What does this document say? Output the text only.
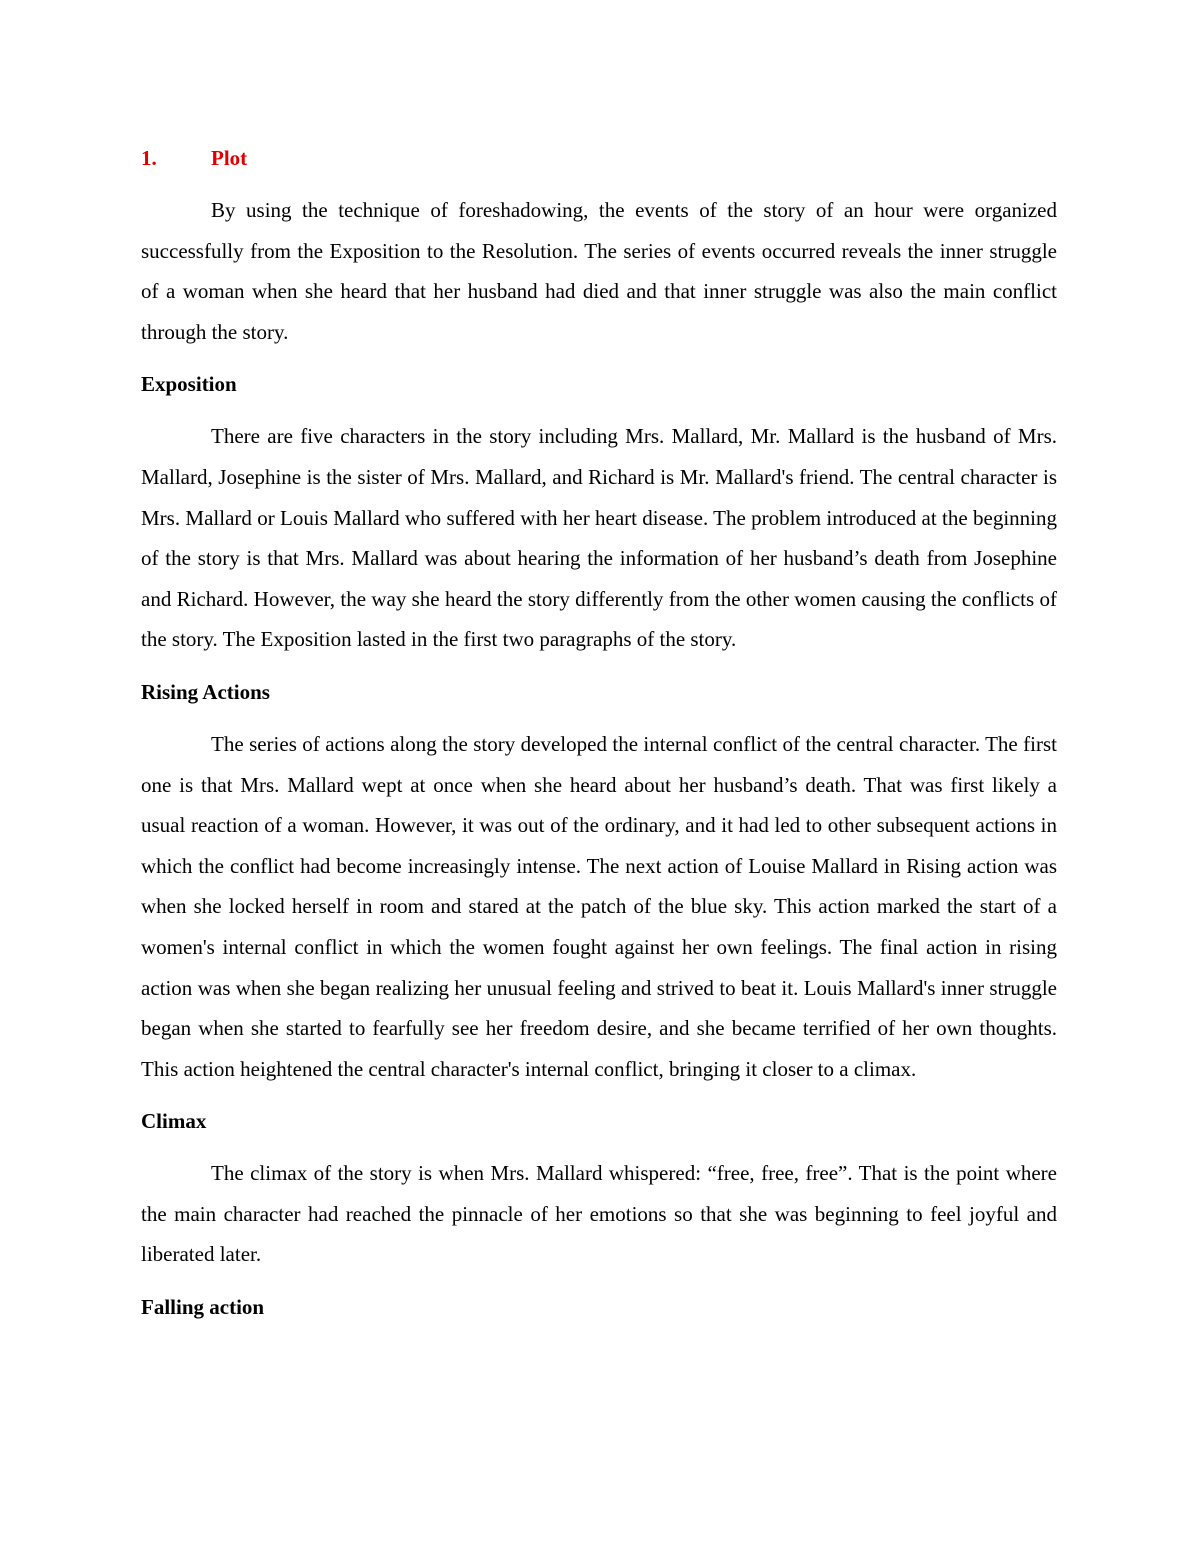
1.	Plot

By using the technique of foreshadowing, the events of the story of an hour were organized successfully from the Exposition to the Resolution. The series of events occurred reveals the inner struggle of a woman when she heard that her husband had died and that inner struggle was also the main conflict through the story.

Exposition

There are five characters in the story including Mrs. Mallard, Mr. Mallard is the husband of Mrs. Mallard, Josephine is the sister of Mrs. Mallard, and Richard is Mr. Mallard's friend. The central character is Mrs. Mallard or Louis Mallard who suffered with her heart disease. The problem introduced at the beginning of the story is that Mrs. Mallard was about hearing the information of her husband’s death from Josephine and Richard. However, the way she heard the story differently from the other women causing the conflicts of the story. The Exposition lasted in the first two paragraphs of the story.

Rising Actions

The series of actions along the story developed the internal conflict of the central character. The first one is that Mrs. Mallard wept at once when she heard about her husband’s death. That was first likely a usual reaction of a woman. However, it was out of the ordinary, and it had led to other subsequent actions in which the conflict had become increasingly intense. The next action of Louise Mallard in Rising action was when she locked herself in room and stared at the patch of the blue sky. This action marked the start of a women's internal conflict in which the women fought against her own feelings. The final action in rising action was when she began realizing her unusual feeling and strived to beat it. Louis Mallard's inner struggle began when she started to fearfully see her freedom desire, and she became terrified of her own thoughts. This action heightened the central character's internal conflict, bringing it closer to a climax.

Climax

The climax of the story is when Mrs. Mallard whispered: “free, free, free”. That is the point where the main character had reached the pinnacle of her emotions so that she was beginning to feel joyful and liberated later.

Falling action
